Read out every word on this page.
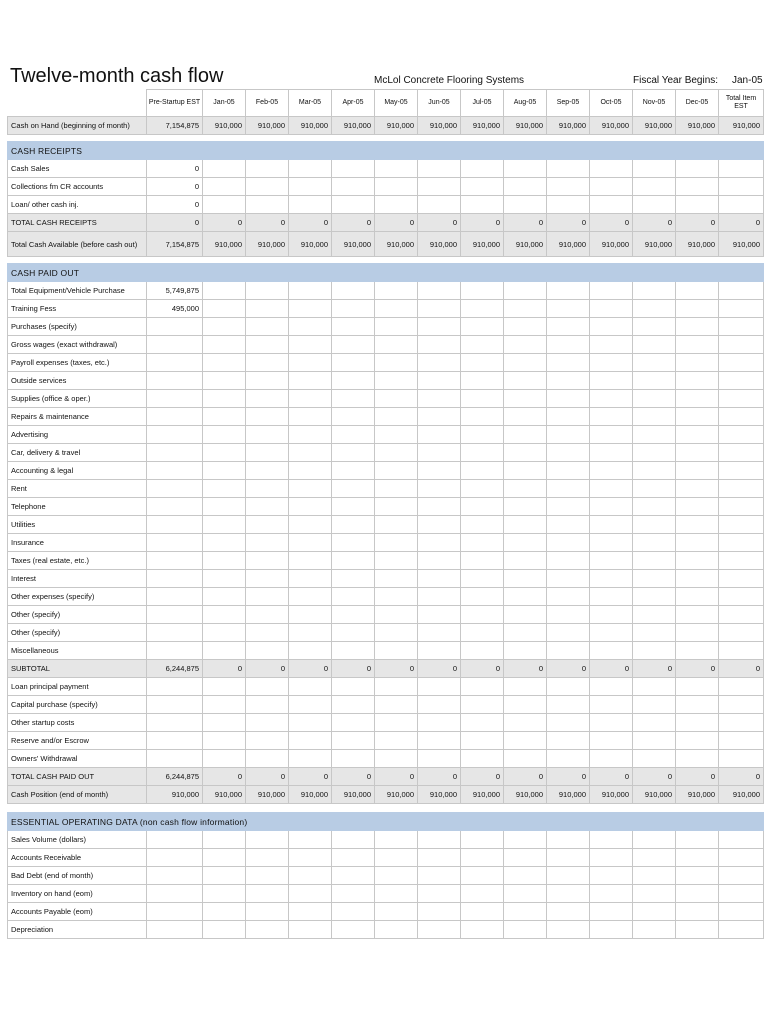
Twelve-month cash flow	McLol Concrete Flooring Systems	Fiscal Year Begins: Jan-05
	Pre-Startup EST	Jan-05	Feb-05	Mar-05	Apr-05	May-05	Jun-05	Jul-05	Aug-05	Sep-05	Oct-05	Nov-05	Dec-05	Total Item EST
Cash on Hand (beginning of month)	7,154,875	910,000	910,000	910,000	910,000	910,000	910,000	910,000	910,000	910,000	910,000	910,000	910,000	910,000

CASH RECEIPTS														
Cash Sales	0													
Collections fm CR accounts	0													
Loan/ other cash inj.	0													
TOTAL CASH RECEIPTS	0	0	0	0	0	0	0	0	0	0	0	0	0	0
Total Cash Available (before cash out)	7,154,875	910,000	910,000	910,000	910,000	910,000	910,000	910,000	910,000	910,000	910,000	910,000	910,000	910,000

CASH PAID OUT														
Total Equipment/Vehicle Purchase	5,749,875													
Training Fess	495,000													
Purchases (specify)														
Gross wages (exact withdrawal)														
Payroll expenses (taxes, etc.)														
Outside services														
Supplies (office & oper.)														
Repairs & maintenance														
Advertising														
Car, delivery & travel														
Accounting & legal														
Rent														
Telephone														
Utilities														
Insurance														
Taxes (real estate, etc.)														
Interest														
Other expenses (specify)														
Other (specify)														
Other (specify)														
Miscellaneous														
SUBTOTAL	6,244,875	0	0	0	0	0	0	0	0	0	0	0	0	0
Loan principal payment														
Capital purchase (specify)														
Other startup costs														
Reserve and/or Escrow														
Owners' Withdrawal														
TOTAL CASH PAID OUT	6,244,875	0	0	0	0	0	0	0	0	0	0	0	0	0
Cash Position (end of month)	910,000	910,000	910,000	910,000	910,000	910,000	910,000	910,000	910,000	910,000	910,000	910,000	910,000	910,000

ESSENTIAL OPERATING DATA (non cash flow information)														
Sales Volume (dollars)														
Accounts Receivable														
Bad Debt (end of month)														
Inventory on hand (eom)														
Accounts Payable (eom)														
Depreciation														
